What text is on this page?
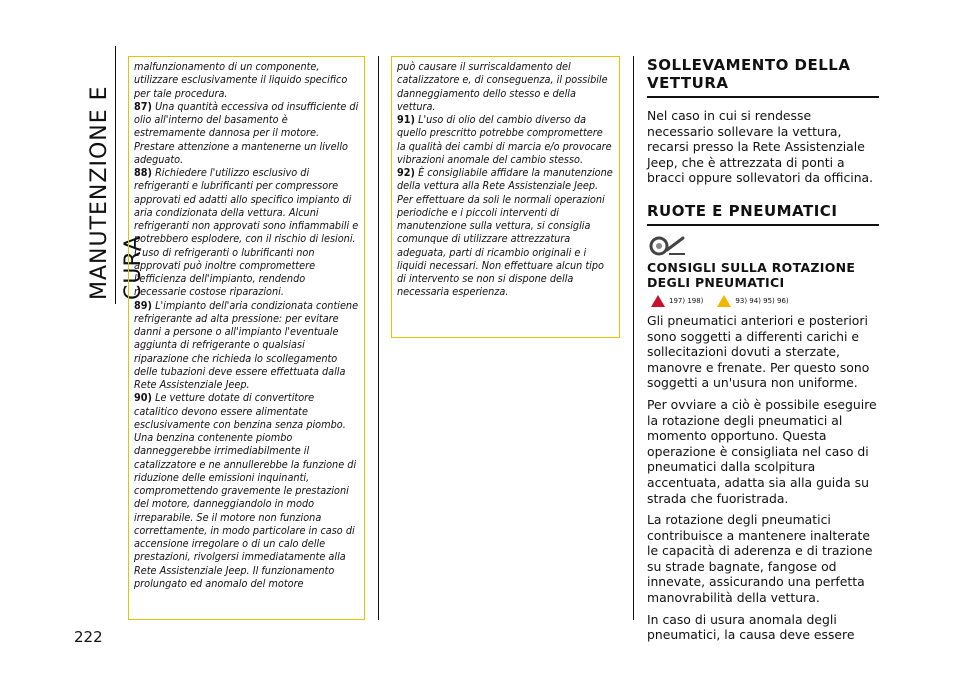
MANUTENZIONE E CURA
222

malfunzionamento di un componente, utilizzare esclusivamente il liquido specifico per tale procedura.

87) Una quantità eccessiva od insufficiente di olio all'interno del basamento è estremamente dannosa per il motore. Prestare attenzione a mantenerne un livello adeguato.

88) Richiedere l'utilizzo esclusivo di refrigeranti e lubrificanti per compressore approvati ed adatti allo specifico impianto di aria condizionata della vettura. Alcuni refrigeranti non approvati sono infiammabili e potrebbero esplodere, con il rischio di lesioni. L'uso di refrigeranti o lubrificanti non approvati può inoltre compromettere l'efficienza dell'impianto, rendendo necessarie costose riparazioni.

89) L'impianto dell'aria condizionata contiene refrigerante ad alta pressione: per evitare danni a persone o all'impianto l'eventuale aggiunta di refrigerante o qualsiasi riparazione che richieda lo scollegamento delle tubazioni deve essere effettuata dalla Rete Assistenziale Jeep.

90) Le vetture dotate di convertitore catalitico devono essere alimentate esclusivamente con benzina senza piombo. Una benzina contenente piombo danneggerebbe irrimediabilmente il catalizzatore e ne annullerebbe la funzione di riduzione delle emissioni inquinanti, compromettendo gravemente le prestazioni del motore, danneggiandolo in modo irreparabile. Se il motore non funziona correttamente, in modo particolare in caso di accensione irregolare o di un calo delle prestazioni, rivolgersi immediatamente alla Rete Assistenziale Jeep. Il funzionamento prolungato ed anomalo del motore

può causare il surriscaldamento del catalizzatore e, di conseguenza, il possibile danneggiamento dello stesso e della vettura.

91) L'uso di olio del cambio diverso da quello prescritto potrebbe compromettere la qualità dei cambi di marcia e/o provocare vibrazioni anomale del cambio stesso.

92) È consigliabile affidare la manutenzione della vettura alla Rete Assistenziale Jeep. Per effettuare da soli le normali operazioni periodiche e i piccoli interventi di manutenzione sulla vettura, si consiglia comunque di utilizzare attrezzatura adeguata, parti di ricambio originali e i liquidi necessari. Non effettuare alcun tipo di intervento se non si dispone della necessaria esperienza.

SOLLEVAMENTO DELLA VETTURA

Nel caso in cui si rendesse necessario sollevare la vettura, recarsi presso la Rete Assistenziale Jeep, che è attrezzata di ponti a bracci oppure sollevatori da officina.

RUOTE E PNEUMATICI
CONSIGLI SULLA ROTAZIONE DEGLI PNEUMATICI
197) 198)	93) 94) 95) 96)

Gli pneumatici anteriori e posteriori sono soggetti a differenti carichi e sollecitazioni dovuti a sterzate, manovre e frenate. Per questo sono soggetti a un'usura non uniforme.

Per ovviare a ciò è possibile eseguire la rotazione degli pneumatici al momento opportuno. Questa operazione è consigliata nel caso di pneumatici dalla scolpitura accentuata, adatta sia alla guida su strada che fuoristrada.

La rotazione degli pneumatici contribuisce a mantenere inalterate le capacità di aderenza e di trazione su strade bagnate, fangose od innevate, assicurando una perfetta manovrabilità della vettura.

In caso di usura anomala degli pneumatici, la causa deve essere
